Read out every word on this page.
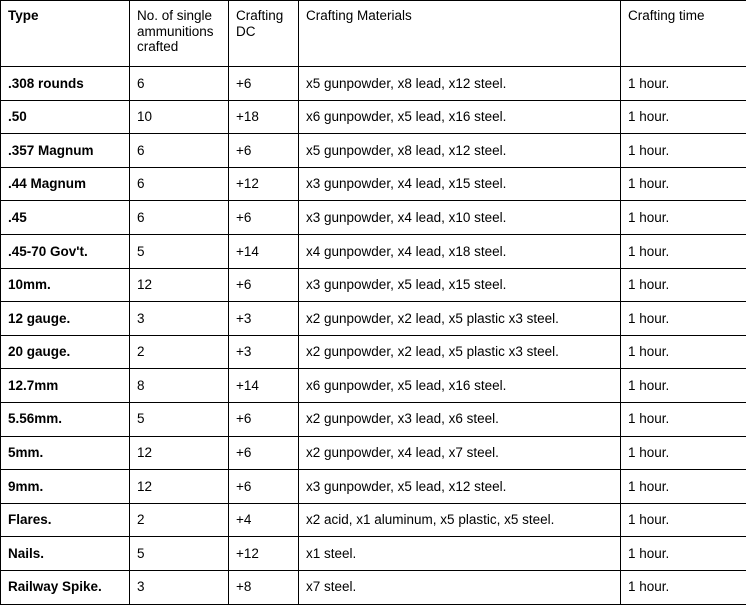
Type	No. of single ammunitions crafted	Crafting DC	Crafting Materials	Crafting time
.308 rounds	6	+6	x5 gunpowder, x8 lead, x12 steel.	1 hour.
.50	10	+18	x6 gunpowder, x5 lead, x16 steel.	1 hour.
.357 Magnum	6	+6	x5 gunpowder, x8 lead, x12 steel.	1 hour.
.44 Magnum	6	+12	x3 gunpowder, x4 lead, x15 steel.	1 hour.
.45	6	+6	x3 gunpowder, x4 lead, x10 steel.	1 hour.
.45-70 Gov't.	5	+14	x4 gunpowder, x4 lead, x18 steel.	1 hour.
10mm.	12	+6	x3 gunpowder, x5 lead, x15 steel.	1 hour.
12 gauge.	3	+3	x2 gunpowder, x2 lead, x5 plastic x3 steel.	1 hour.
20 gauge.	2	+3	x2 gunpowder, x2 lead, x5 plastic x3 steel.	1 hour.
12.7mm	8	+14	x6 gunpowder, x5 lead, x16 steel.	1 hour.
5.56mm.	5	+6	x2 gunpowder, x3 lead, x6 steel.	1 hour.
5mm.	12	+6	x2 gunpowder, x4 lead, x7 steel.	1 hour.
9mm.	12	+6	x3 gunpowder, x5 lead, x12 steel.	1 hour.
Flares.	2	+4	x2 acid, x1 aluminum, x5 plastic, x5 steel.	1 hour.
Nails.	5	+12	x1 steel.	1 hour.
Railway Spike.	3	+8	x7 steel.	1 hour.
